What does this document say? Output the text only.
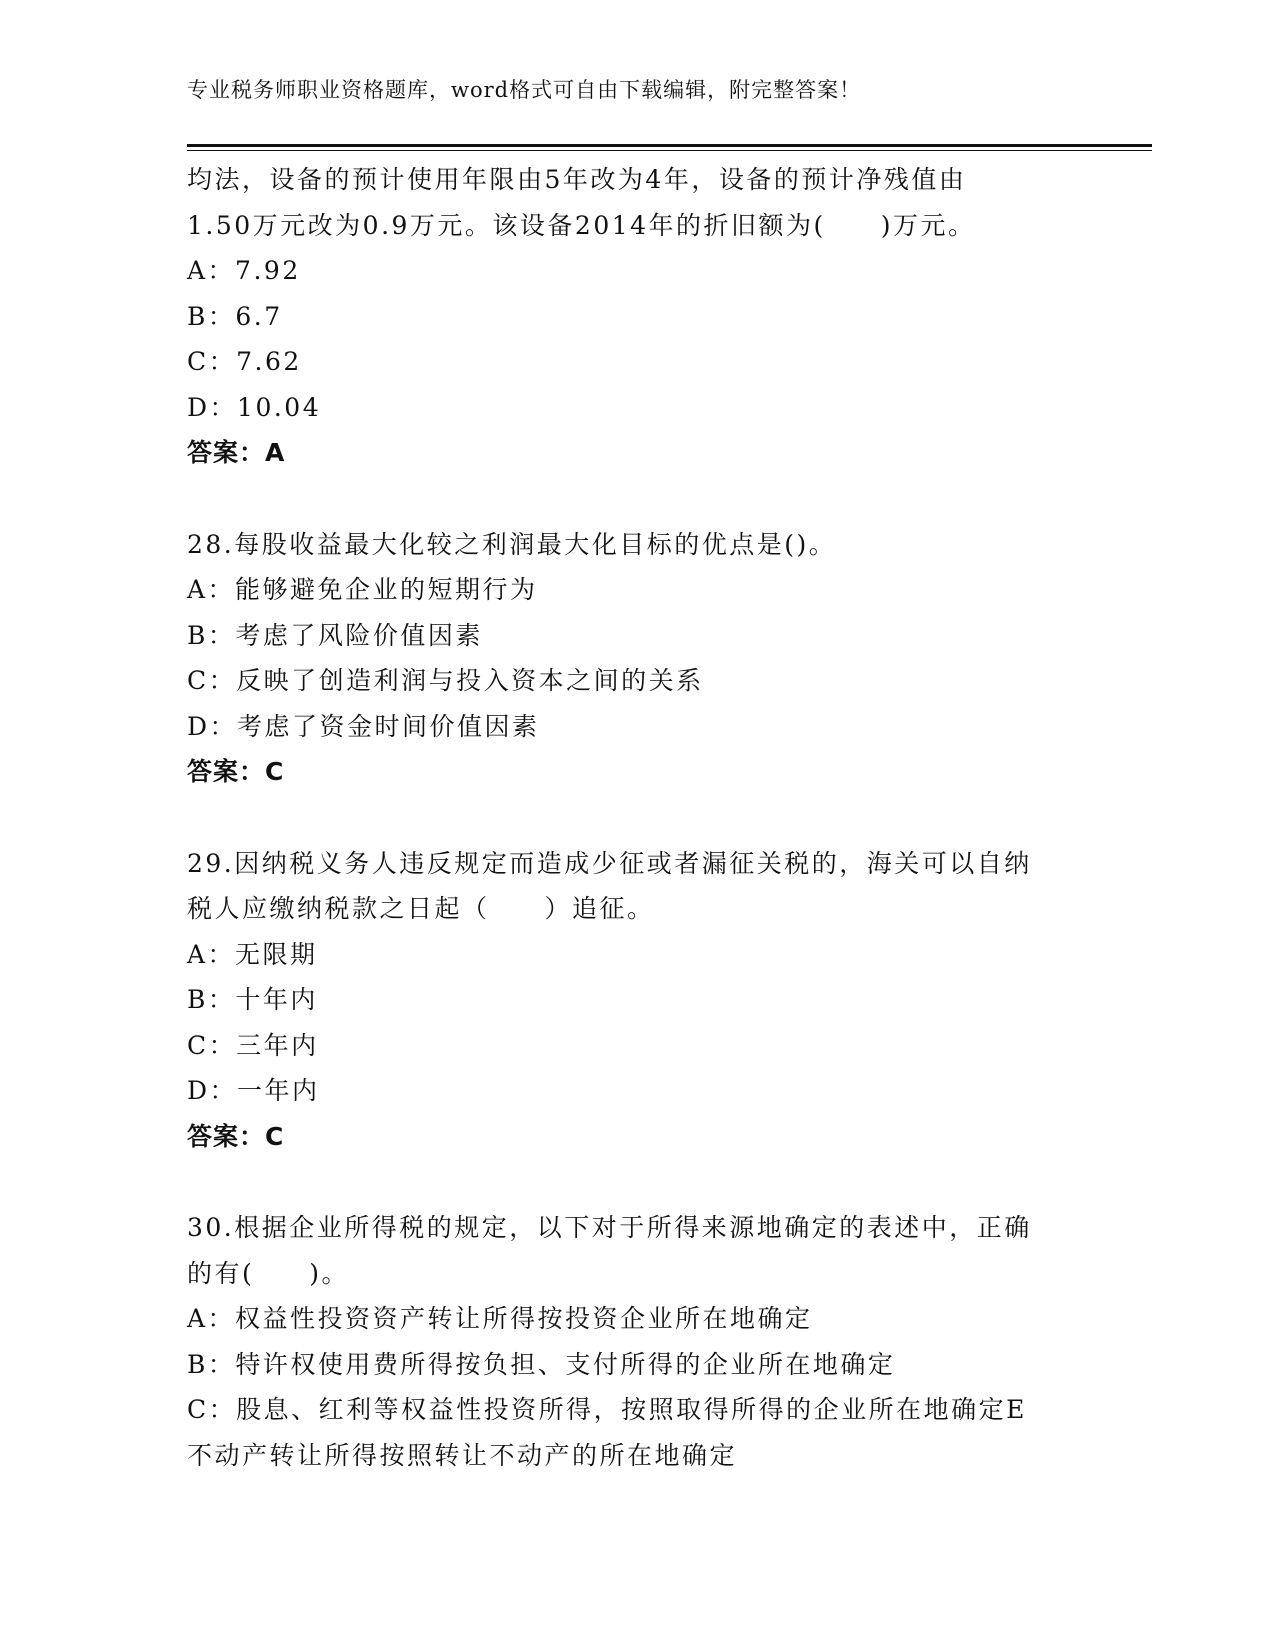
专业税务师职业资格题库，word格式可自由下载编辑，附完整答案！
均法，设备的预计使用年限由5年改为4年，设备的预计净残值由
1.50万元改为0.9万元。该设备2014年的折旧额为(　　)万元。
A：7.92
B：6.7
C：7.62
D：10.04
答案：A
28.每股收益最大化较之利润最大化目标的优点是()。
A：能够避免企业的短期行为
B：考虑了风险价值因素
C：反映了创造利润与投入资本之间的关系
D：考虑了资金时间价值因素
答案：C
29.因纳税义务人违反规定而造成少征或者漏征关税的，海关可以自纳
税人应缴纳税款之日起（　　）追征。
A：无限期
B：十年内
C：三年内
D：一年内
答案：C
30.根据企业所得税的规定，以下对于所得来源地确定的表述中，正确
的有(　　)。
A：权益性投资资产转让所得按投资企业所在地确定
B：特许权使用费所得按负担、支付所得的企业所在地确定
C：股息、红利等权益性投资所得，按照取得所得的企业所在地确定E
不动产转让所得按照转让不动产的所在地确定
